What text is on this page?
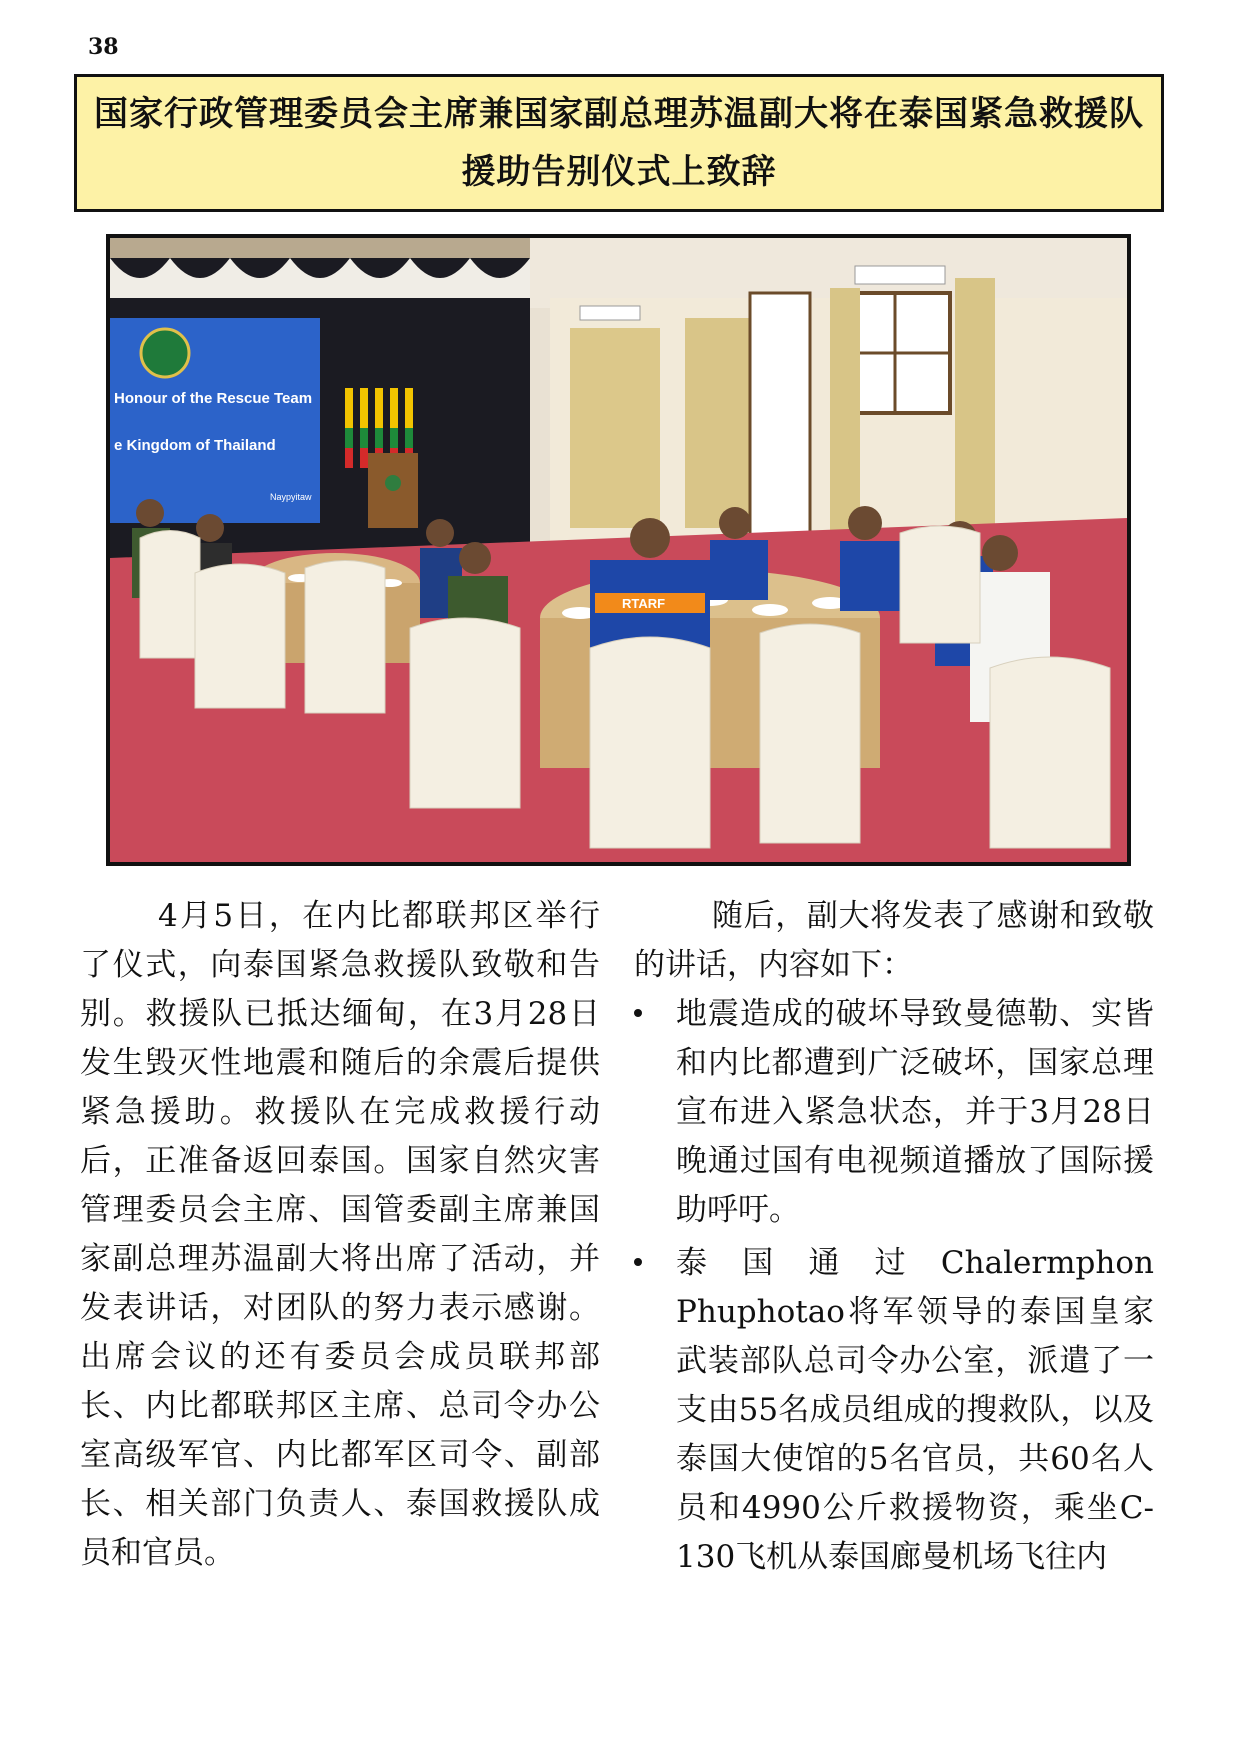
38
国家行政管理委员会主席兼国家副总理苏温副大将在泰国紧急救援队援助告别仪式上致辞
Honour of the Rescue Team
e Kingdom of Thailand
Naypyitaw
RTARF

4月5日，在内比都联邦区举行了仪式，向泰国紧急救援队致敬和告别。救援队已抵达缅甸，在3月28日发生毁灭性地震和随后的余震后提供紧急援助。救援队在完成救援行动后，正准备返回泰国。国家自然灾害管理委员会主席、国管委副主席兼国家副总理苏温副大将出席了活动，并发表讲话，对团队的努力表示感谢。出席会议的还有委员会成员联邦部长、内比都联邦区主席、总司令办公室高级军官、内比都军区司令、副部长、相关部门负责人、泰国救援队成员和官员。

随后，副大将发表了感谢和致敬的讲话，内容如下：

地震造成的破坏导致曼德勒、实皆和内比都遭到广泛破坏，国家总理宣布进入紧急状态，并于3月28日晚通过国有电视频道播放了国际援助呼吁。
泰国通过Chalermphon Phuphotao将军领导的泰国皇家武装部队总司令办公室，派遣了一支由55名成员组成的搜救队，以及泰国大使馆的5名官员，共60名人员和4990公斤救援物资，乘坐C-130飞机从泰国廊曼机场飞往内
